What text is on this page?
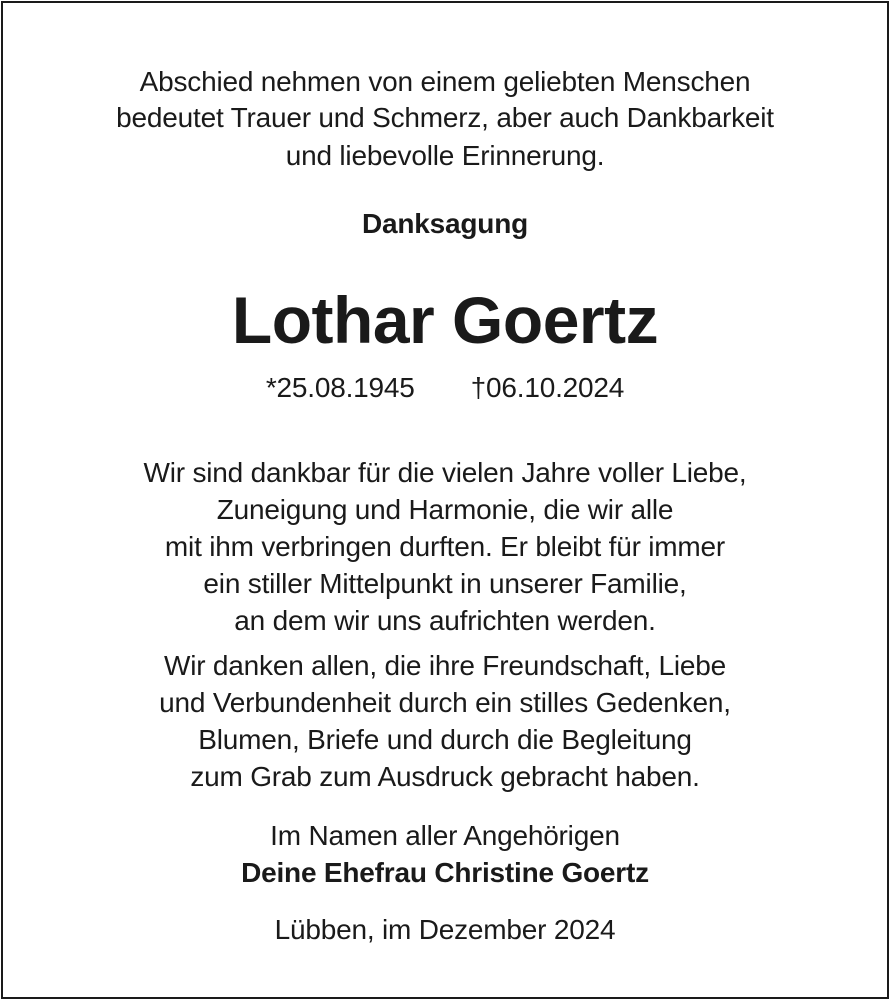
Abschied nehmen von einem geliebten Menschen
bedeutet Trauer und Schmerz, aber auch Dankbarkeit
und liebevolle Erinnerung.
Danksagung
Lothar Goertz
*25.08.1945 †06.10.2024
Wir sind dankbar für die vielen Jahre voller Liebe,
Zuneigung und Harmonie, die wir alle
mit ihm verbringen durften. Er bleibt für immer
ein stiller Mittelpunkt in unserer Familie,
an dem wir uns aufrichten werden.
Wir danken allen, die ihre Freundschaft, Liebe
und Verbundenheit durch ein stilles Gedenken,
Blumen, Briefe und durch die Begleitung
zum Grab zum Ausdruck gebracht haben.
Im Namen aller Angehörigen
Deine Ehefrau Christine Goertz
Lübben, im Dezember 2024
